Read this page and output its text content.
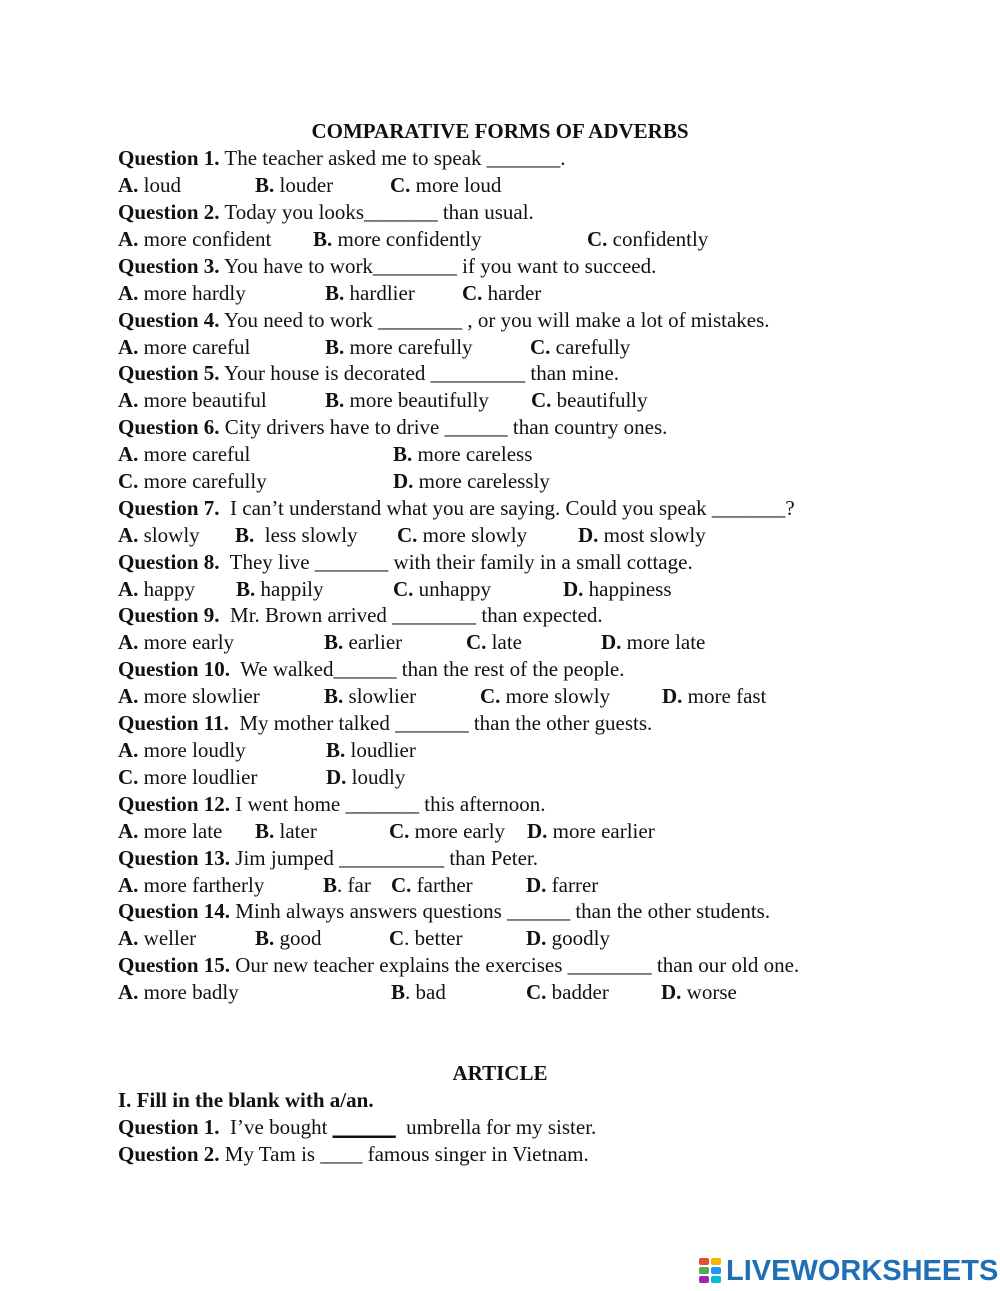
COMPARATIVE FORMS OF ADVERBS
Question 1. The teacher asked me to speak _______.
A. loud	B. louder	C. more loud
Question 2. Today you looks_______ than usual.
A. more confident B. more confidently	C. confidently
Question 3. You have to work________ if you want to succeed.
A. more hardly	B. hardlier C. harder
Question 4. You need to work ________ , or you will make a lot of mistakes.
A. more careful	B. more carefully	C. carefully
Question 5. Your house is decorated _________ than mine.
A. more beautiful	B. more beautifully C. beautifully
Question 6. City drivers have to drive ______ than country ones.
A. more careful	B. more careless
C. more carefully	D. more carelessly
Question 7.  I can’t understand what you are saying. Could you speak _______?
A. slowly B.  less slowly C. more slowly D. most slowly
Question 8.  They live _______ with their family in a small cottage.
A. happy B. happily	C. unhappy	D. happiness
Question 9.  Mr. Brown arrived ________ than expected.
A. more early	B. earlier	C. late	D. more late
Question 10.  We walked______ than the rest of the people.
A. more slowlier	B. slowlier	C. more slowly D. more fast
Question 11.  My mother talked _______ than the other guests.
A. more loudly	B. loudlier
C. more loudlier	D. loudly
Question 12. I went home _______ this afternoon.
A. more late B. later	C. more early D. more earlier
Question 13. Jim jumped __________ than Peter.
A. more fartherly	B. far C. farther	D. farrer
Question 14. Minh always answers questions ______ than the other students.
A. weller	B. good	C. better	D. goodly
Question 15. Our new teacher explains the exercises ________ than our old one.
A. more badly	B. bad	C. badder D. worse
ARTICLE
I. Fill in the blank with a/an.
Question 1.  I’ve bought ______  umbrella for my sister.
Question 2. My Tam is ____ famous singer in Vietnam.
LIVEWORKSHEETS
